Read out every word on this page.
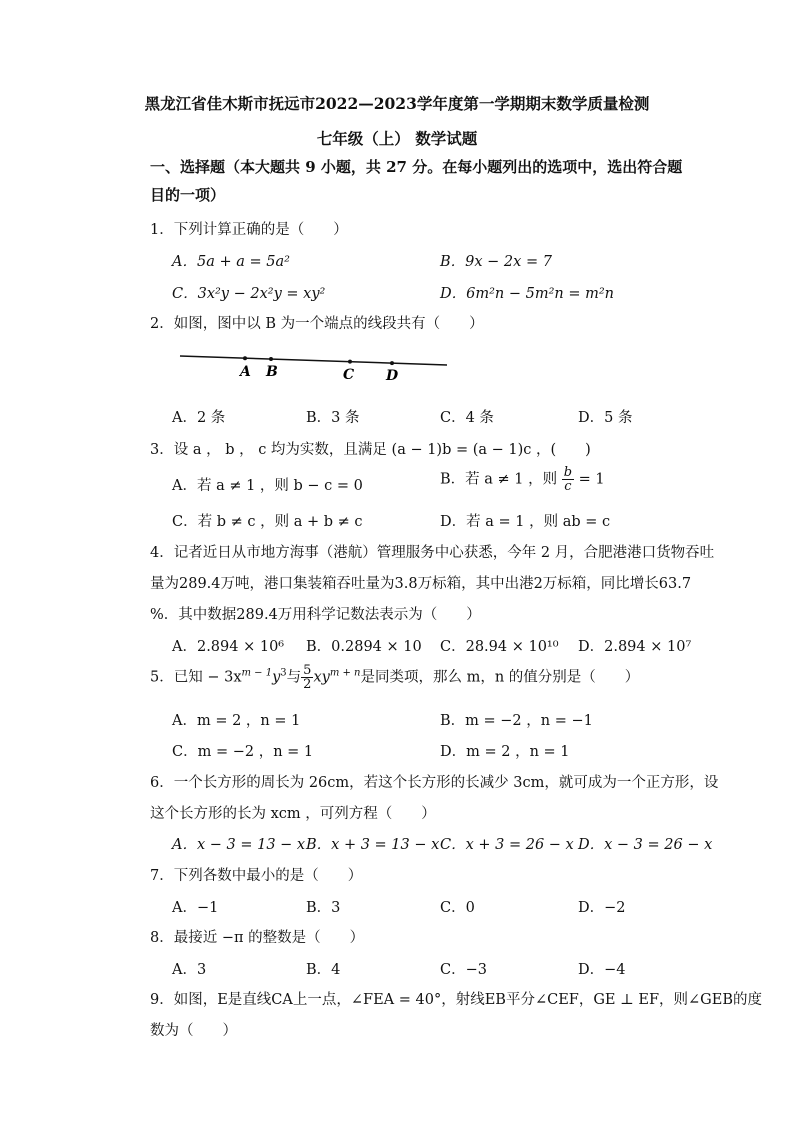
黑龙江省佳木斯市抚远市2022—2023学年度第一学期期末数学质量检测
七年级（上） 数学试题
一、选择题（本大题共 9 小题，共 27 分。在每小题列出的选项中，选出符合题
目的一项）
1．下列计算正确的是（　　）
A．5a + a = 5a²	B．9x − 2x = 7
C．3x²y − 2x²y = xy²	D．6m²n − 5m²n = m²n
2．如图，图中以 B 为一个端点的线段共有（　　）
A B	C D
A．2 条	B．3 条	C．4 条	D．5 条
3．设 a ， b ， c 均为实数，且满足 (a − 1)b = (a − 1)c ，(　　)
A．若 a ≠ 1 ，则 b − c = 0	B．若 a ≠ 1 ，则 $\frac{b}{c} = 1$
C．若 b ≠ c ，则 a + b ≠ c	D．若 a = 1 ，则 ab = c
4．记者近日从市地方海事（港航）管理服务中心获悉，今年 2 月，合肥港港口货物吞吐
量为289.4万吨，港口集装箱吞吐量为3.8万标箱，其中出港2万标箱，同比增长63.7
%．其中数据289.4万用科学记数法表示为（　　）
A．2.894 × 10⁶ B．0.2894 × 10 C．28.94 × 10¹⁰ D．2.894 × 10⁷
5．已知 − $3x^{m - 1}y^3$与 $\frac{5}{2} xy^{m + n}$是同类项，那么 m，n 的值分别是（　　）
A．m = 2 ，n = 1	B．m = −2 ，n = −1
C．m = −2 ，n = 1	D．m = 2 ，n = 1
6．一个长方形的周长为 26cm，若这个长方形的长减少 3cm，就可成为一个正方形，设
这个长方形的长为 xcm ，可列方程（　　）
A．x − 3 = 13 − x B．x + 3 = 13 − x C．x + 3 = 26 − x D．x − 3 = 26 − x
7．下列各数中最小的是（　　）
A．−1	B．3	C．0	D．−2
8．最接近 −π 的整数是（　　）
A．3	B．4	C．−3	D．−4
9．如图，E是直线CA上一点，∠FEA = 40°，射线EB平分∠CEF，GE ⊥ EF，则∠GEB的度
数为（　　）
